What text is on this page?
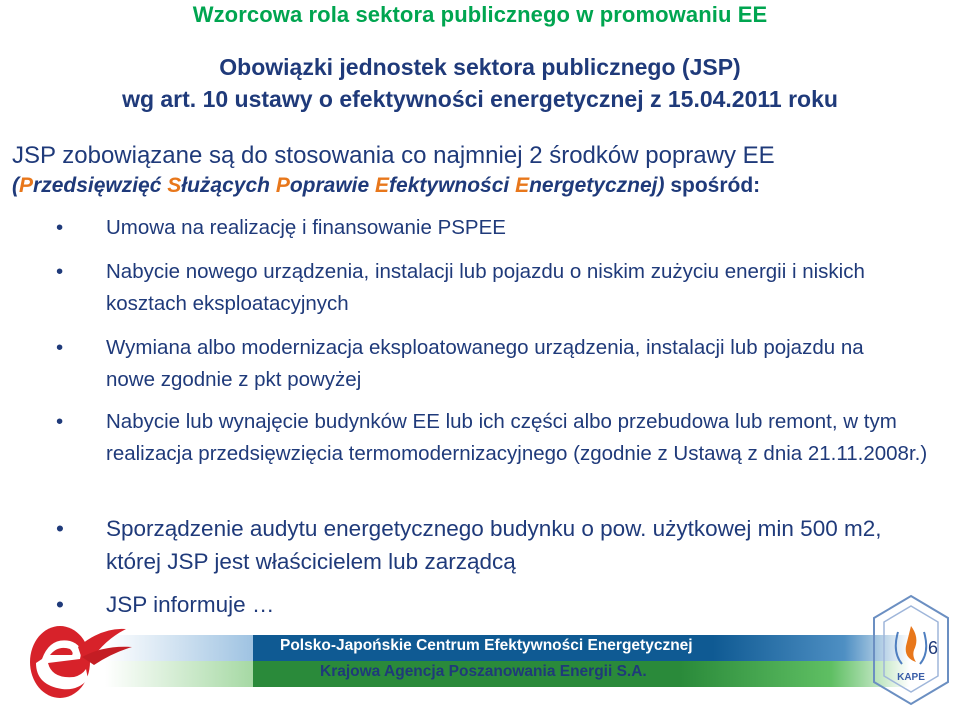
Wzorcowa rola sektora publicznego w promowaniu EE
Obowiązki jednostek sektora publicznego (JSP)
wg art. 10 ustawy o efektywności energetycznej z 15.04.2011 roku
JSP zobowiązane są do stosowania co najmniej 2 środków poprawy EE
(Przedsięwzięć Służących Poprawie Efektywności Energetycznej) spośród:
• Umowa na realizację i finansowanie PSPEE
• Nabycie nowego urządzenia, instalacji lub pojazdu o niskim zużyciu energii i niskich kosztach eksploatacyjnych
• Wymiana albo modernizacja eksploatowanego urządzenia, instalacji lub pojazdu na nowe zgodnie z pkt powyżej
• Nabycie lub wynajęcie budynków EE lub ich części albo przebudowa lub remont, w tym realizacja przedsięwzięcia termomodernizacyjnego (zgodnie z Ustawą z dnia 21.11.2008r.)
• Sporządzenie audytu energetycznego budynku o pow. użytkowej min 500 m2, której JSP jest właścicielem lub zarządcą
• JSP informuje …
Polsko-Japońskie Centrum Efektywności Energetycznej
Krajowa Agencja Poszanowania Energii S.A.
6
KAPE
